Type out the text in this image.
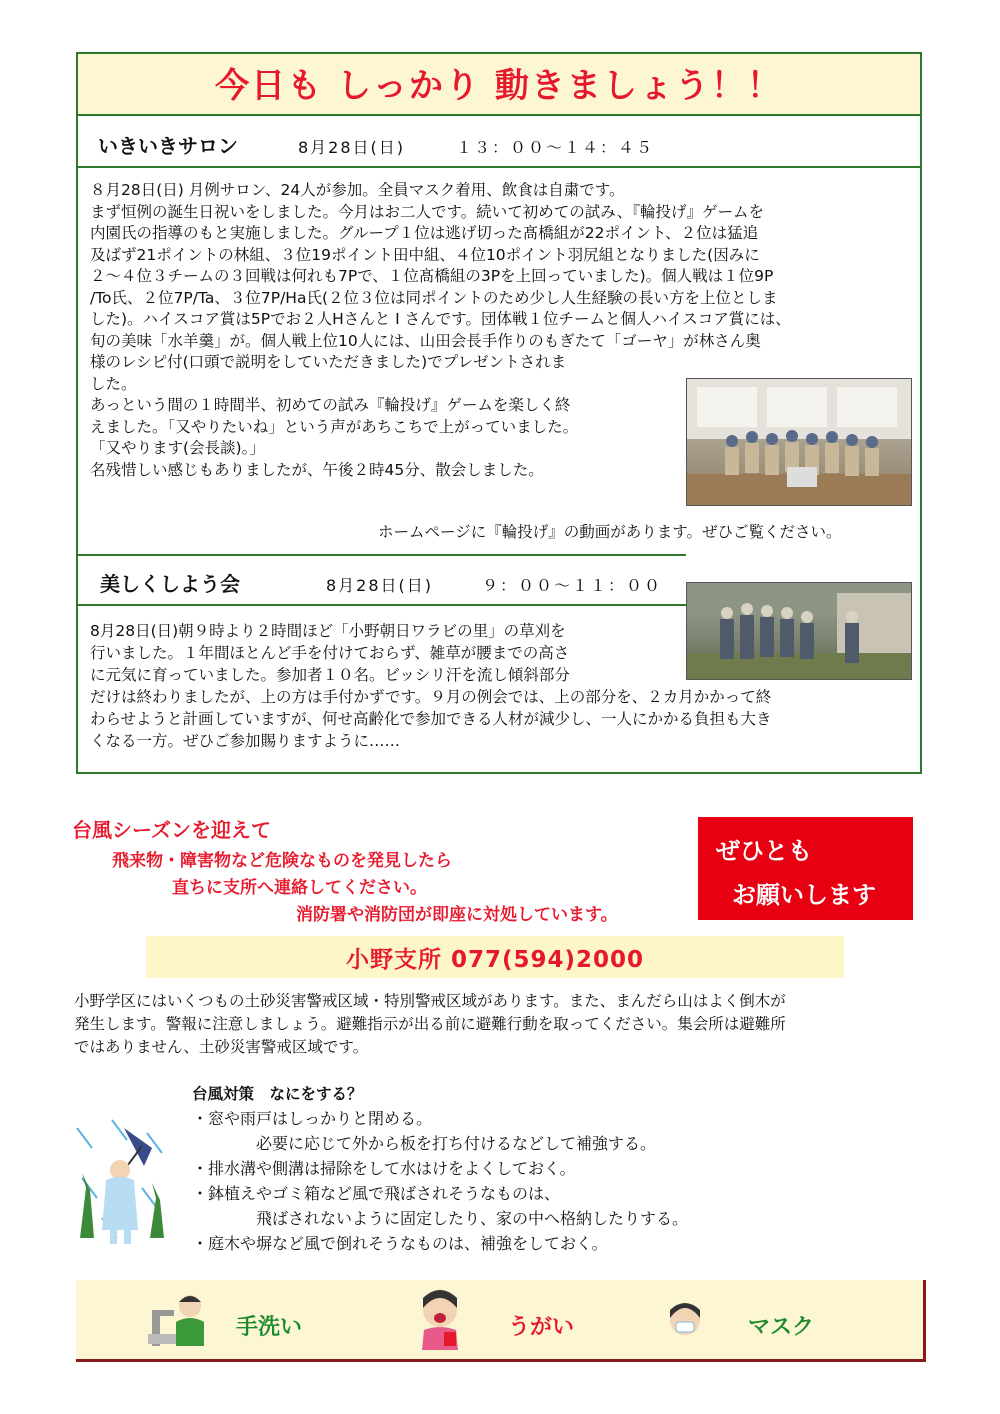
今日も しっかり 動きましょう！！
いきいきサロン	8月28日(日)	１３：００～１４：４５
８月28日(日) 月例サロン、24人が参加。全員マスク着用、飲食は自粛です。
まず恒例の誕生日祝いをしました。今月はお二人です。続いて初めての試み、『輪投げ』ゲームを
内園氏の指導のもと実施しました。グループ１位は逃げ切った髙橋組が22ポイント、２位は猛追
及ばず21ポイントの林組、３位19ポイント田中組、４位10ポイント羽尻組となりました(因みに
２～４位３チームの３回戦は何れも7Pで、１位髙橋組の3Pを上回っていました)。個人戦は１位9P
/To氏、２位7P/Ta、３位7P/Ha氏(２位３位は同ポイントのため少し人生経験の長い方を上位としま
した)。ハイスコア賞は5Pでお２人Hさんと I さんです。団体戦１位チームと個人ハイスコア賞には、
旬の美味「水羊羹」が。個人戦上位10人には、山田会長手作りのもぎたて「ゴーヤ」が林さん奥
様のレシピ付(口頭で説明をしていただきました)でプレゼントされま
した。
あっという間の１時間半、初めての試み『輪投げ』ゲームを楽しく終
えました。「又やりたいね」という声があちこちで上がっていました。
「又やります(会長談)。」
名残惜しい感じもありましたが、午後２時45分、散会しました。
ホームページに『輪投げ』の動画があります。ぜひご覧ください。
美しくしよう会	8月28日(日)	９：００～１１：００
8月28日(日)朝９時より２時間ほど「小野朝日ワラビの里」の草刈を
行いました。１年間ほとんど手を付けておらず、雑草が腰までの高さ
に元気に育っていました。参加者１０名。ビッシリ汗を流し傾斜部分
だけは終わりましたが、上の方は手付かずです。９月の例会では、上の部分を、２カ月かかって終
わらせようと計画していますが、何せ高齢化で参加できる人材が減少し、一人にかかる負担も大き
くなる一方。ぜひご参加賜りますように……
台風シーズンを迎えて
飛来物・障害物など危険なものを発見したら
直ちに支所へ連絡してください。
消防署や消防団が即座に対処しています。
ぜひとも
お願いします
小野支所 077(594)2000
小野学区にはいくつもの土砂災害警戒区域・特別警戒区域があります。また、まんだら山はよく倒木が
発生します。警報に注意しましょう。避難指示が出る前に避難行動を取ってください。集会所は避難所
ではありません、土砂災害警戒区域です。
台風対策　なにをする？
・窓や雨戸はしっかりと閉める。
　　　　必要に応じて外から板を打ち付けるなどして補強する。
・排水溝や側溝は掃除をして水はけをよくしておく。
・鉢植えやゴミ箱など風で飛ばされそうなものは、
　　　　飛ばされないように固定したり、家の中へ格納したりする。
・庭木や塀など風で倒れそうなものは、補強をしておく。
手洗い	うがい	マスク
